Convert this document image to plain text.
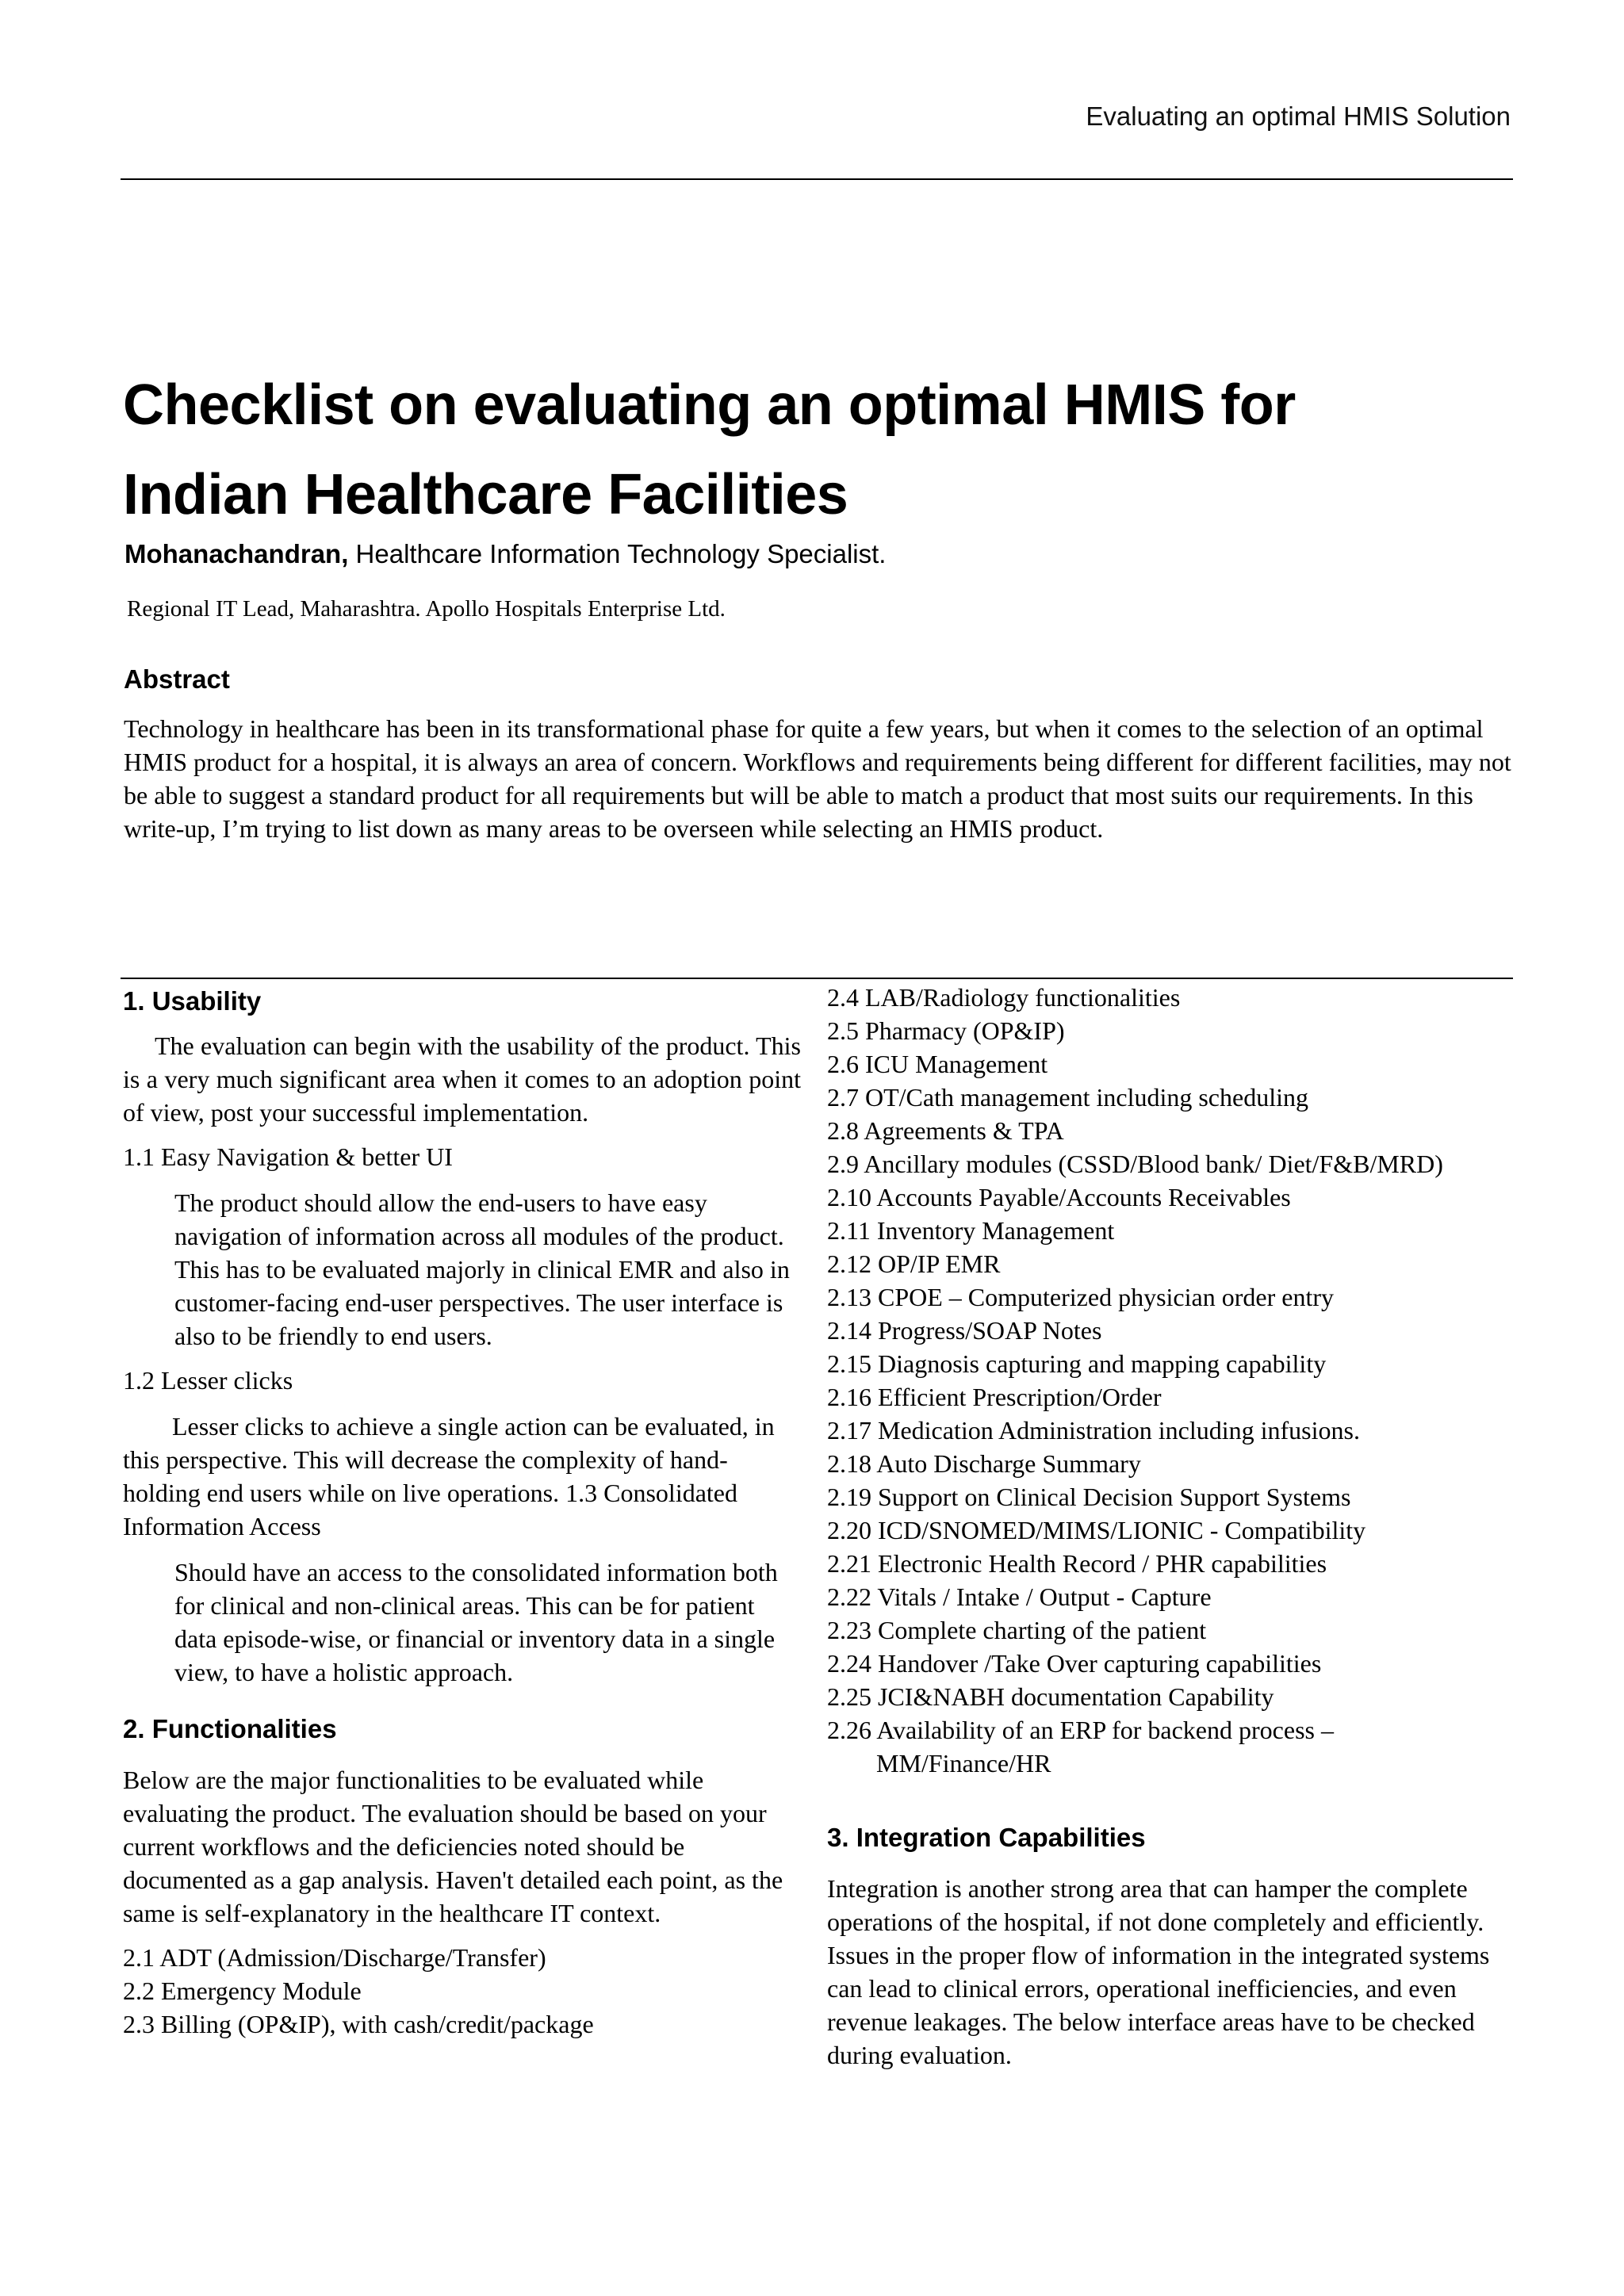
Evaluating an optimal HMIS Solution
Checklist on evaluating an optimal HMIS for
Indian Healthcare Facilities
Mohanachandran, Healthcare Information Technology Specialist.
Regional IT Lead, Maharashtra. Apollo Hospitals Enterprise Ltd.
Abstract

Technology in healthcare has been in its transformational phase for quite a few years, but when it comes to the selection of an optimal HMIS product for a hospital, it is always an area of concern. Workflows and requirements being different for different facilities, may not be able to suggest a standard product for all requirements but will be able to match a product that most suits our requirements. In this write-up, I’m trying to list down as many areas to be overseen while selecting an HMIS product.

1. Usability

The evaluation can begin with the usability of the product. This is a very much significant area when it comes to an adoption point of view, post your successful implementation.

1.1 Easy Navigation & better UI

The product should allow the end-users to have easy navigation of information across all modules of the product. This has to be evaluated majorly in clinical EMR and also in customer-facing end-user perspectives. The user interface is also to be friendly to end users.

1.2 Lesser clicks

Lesser clicks to achieve a single action can be evaluated, in this perspective. This will decrease the complexity of hand-holding end users while on live operations. 1.3 Consolidated Information Access

Should have an access to the consolidated information both for clinical and non-clinical areas. This can be for patient data episode-wise, or financial or inventory data in a single view, to have a holistic approach.

2. Functionalities

Below are the major functionalities to be evaluated while evaluating the product. The evaluation should be based on your current workflows and the deficiencies noted should be documented as a gap analysis. Haven't detailed each point, as the same is self-explanatory in the healthcare IT context.

2.1 ADT (Admission/Discharge/Transfer)

2.2 Emergency Module

2.3 Billing (OP&IP), with cash/credit/package

2.4 LAB/Radiology functionalities

2.5 Pharmacy (OP&IP)

2.6 ICU Management

2.7 OT/Cath management including scheduling

2.8 Agreements & TPA

2.9 Ancillary modules (CSSD/Blood bank/ Diet/F&B/MRD)

2.10 Accounts Payable/Accounts Receivables

2.11 Inventory Management

2.12 OP/IP EMR

2.13 CPOE – Computerized physician order entry

2.14 Progress/SOAP Notes

2.15 Diagnosis capturing and mapping capability

2.16 Efficient Prescription/Order

2.17 Medication Administration including infusions.

2.18 Auto Discharge Summary

2.19 Support on Clinical Decision Support Systems

2.20 ICD/SNOMED/MIMS/LIONIC - Compatibility

2.21 Electronic Health Record / PHR capabilities

2.22 Vitals / Intake / Output - Capture

2.23 Complete charting of the patient

2.24 Handover /Take Over capturing capabilities

2.25 JCI&NABH documentation Capability

2.26 Availability of an ERP for backend process – MM/Finance/HR

3. Integration Capabilities

Integration is another strong area that can hamper the complete operations of the hospital, if not done completely and efficiently. Issues in the proper flow of information in the integrated systems can lead to clinical errors, operational inefficiencies, and even revenue leakages. The below interface areas have to be checked during evaluation.
